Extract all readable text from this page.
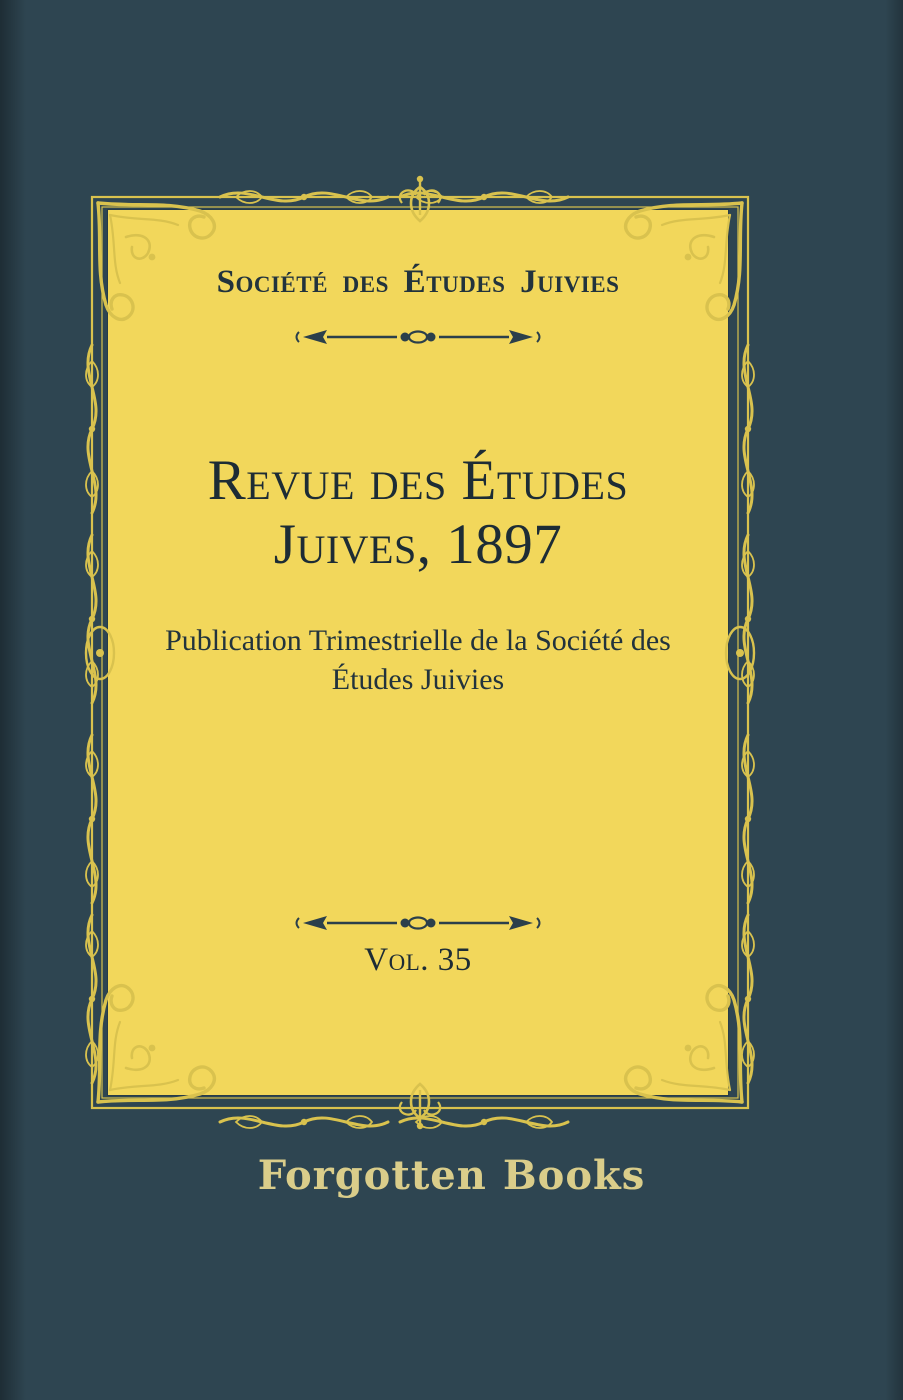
Société des Études Juivies
Revue des Études Juives, 1897
Publication Trimestrielle de la Société des Études Juivies
Vol. 35
Forgotten Books
